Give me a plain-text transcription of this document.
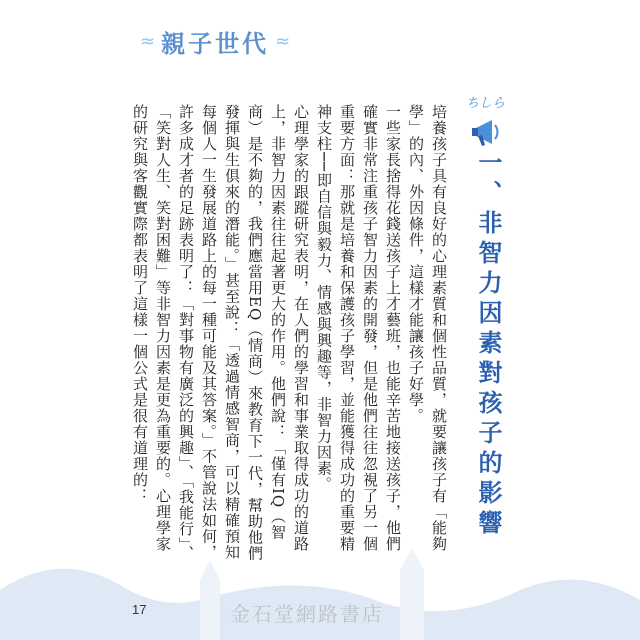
≈ 親子世代 ≈
ちしら
一、非智力因素對孩子的影響

培養孩子具有良好的心理素質和個性品質，就要讓孩子有「能夠學」的內、外因條件，這樣才能讓孩子好學。

一些家長捨得花錢送孩子上才藝班，也能辛苦地接送孩子，他們確實非常注重孩子智力因素的開發，但是他們往往忽視了另一個重要方面：那就是培養和保護孩子學習，並能獲得成功的重要精神支柱──即自信與毅力、情感與興趣等，非智力因素。

心理學家的跟蹤研究表明，在人們的學習和事業取得成功的道路上，非智力因素往往起著更大的作用。他們說：「僅有IQ（智商）是不夠的，我們應當用EQ（情商）來教育下一代，幫助他們發揮與生俱來的潛能。」甚至說：「透過情感智商，可以精確預知每個人一生發展道路上的每一種可能及其答案。」不管說法如何，許多成才者的足跡表明了：「對事物有廣泛的興趣」、「我能行」、「笑對人生、笑對困難」等非智力因素是更為重要的。心理學家的研究與客觀實際都表明了這樣一個公式是很有道理的：

17	金石堂網路書店
